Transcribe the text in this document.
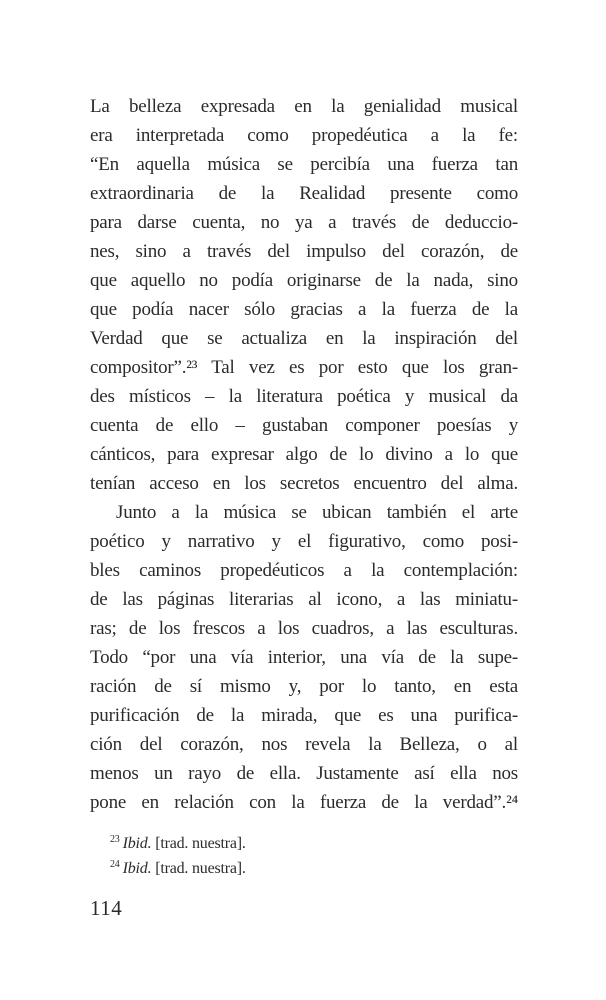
La belleza expresada en la genialidad musical
era interpretada como propedéutica a la fe:
“En aquella música se percibía una fuerza tan
extraordinaria de la Realidad presente como
para darse cuenta, no ya a través de deduccio-
nes, sino a través del impulso del corazón, de
que aquello no podía originarse de la nada, sino
que podía nacer sólo gracias a la fuerza de la
Verdad que se actualiza en la inspiración del
compositor”.²³ Tal vez es por esto que los gran-
des místicos – la literatura poética y musical da
cuenta de ello – gustaban componer poesías y
cánticos, para expresar algo de lo divino a lo que
tenían acceso en los secretos encuentro del alma.
Junto a la música se ubican también el arte
poético y narrativo y el figurativo, como posi-
bles caminos propedéuticos a la contemplación:
de las páginas literarias al icono, a las miniatu-
ras; de los frescos a los cuadros, a las esculturas.
Todo “por una vía interior, una vía de la supe-
ración de sí mismo y, por lo tanto, en esta
purificación de la mirada, que es una purifica-
ción del corazón, nos revela la Belleza, o al
menos un rayo de ella. Justamente así ella nos
pone en relación con la fuerza de la verdad”.²⁴
$^{23}$ Ibid. [trad. nuestra].
$^{24}$ Ibid. [trad. nuestra].
114
